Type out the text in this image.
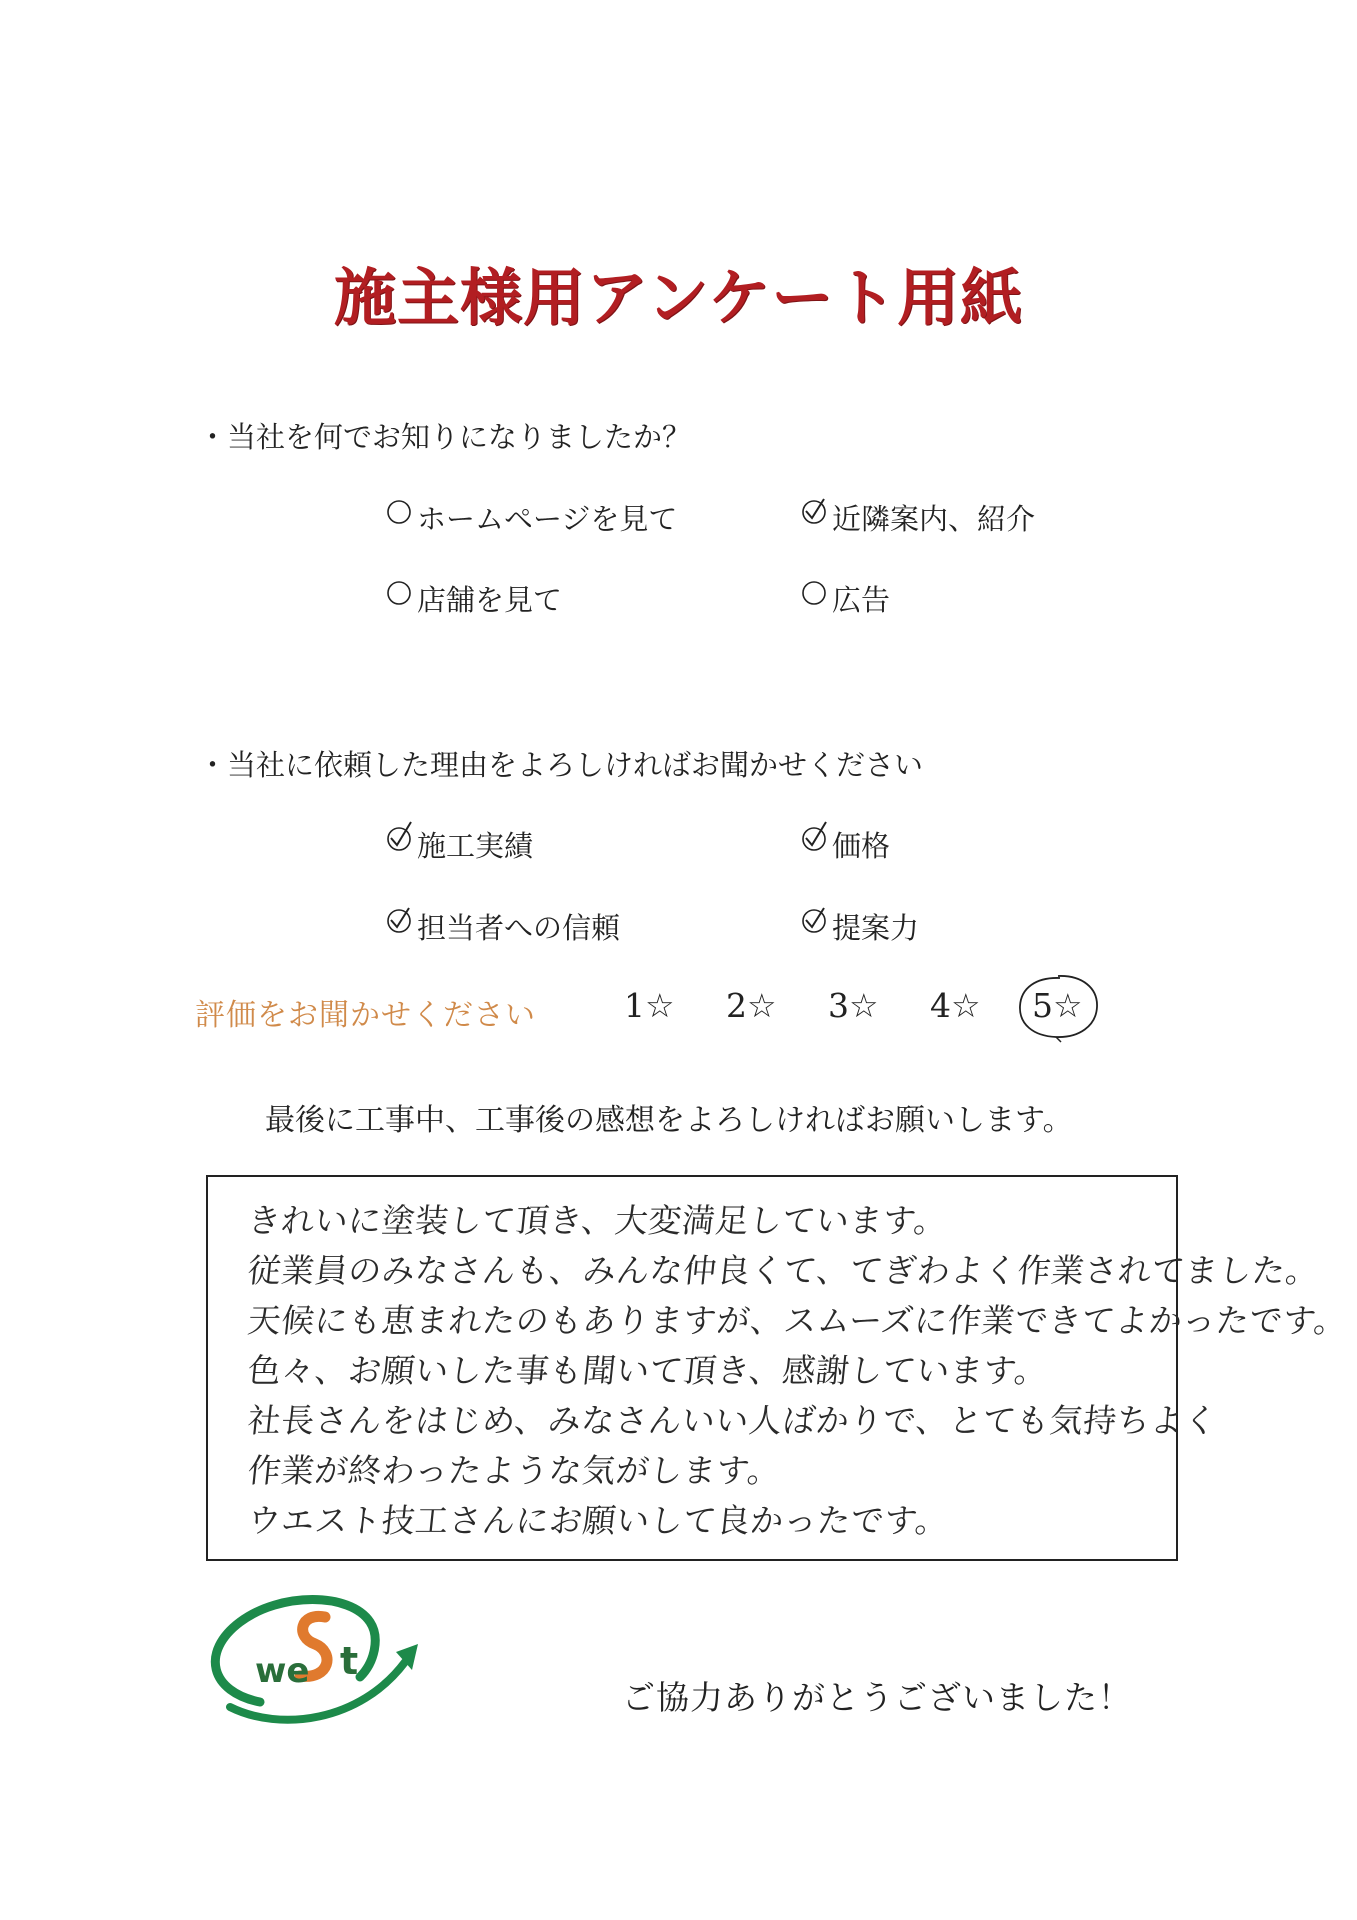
施主様用アンケート用紙
・当社を何でお知りになりましたか？
ホームページを見て	近隣案内、紹介
店舗を見て	広告
・当社に依頼した理由をよろしければお聞かせください
施工実績	価格
担当者への信頼	提案力
評価をお聞かせください	1☆ 2☆ 3☆ 4☆ 5☆
最後に工事中、工事後の感想をよろしければお願いします。
きれいに塗装して頂き、大変満足しています。
従業員のみなさんも、みんな仲良くて、てぎわよく作業されてました。
天候にも恵まれたのもありますが、スムーズに作業できてよかったです。
色々、お願いした事も聞いて頂き、感謝しています。
社長さんをはじめ、みなさんいい人ばかりで、とても気持ちよく
作業が終わったような気がします。
ウエスト技工さんにお願いして良かったです。
we t
ご協力ありがとうございました！
